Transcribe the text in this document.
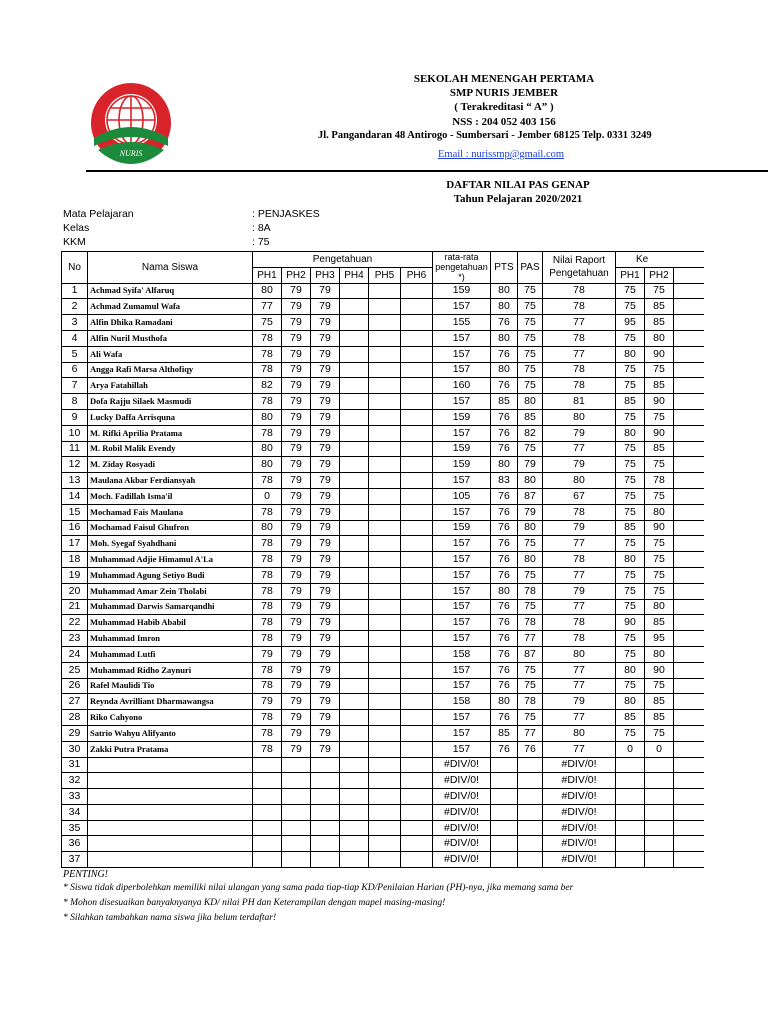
NURIS
SEKOLAH MENENGAH PERTAMA
SMP NURIS JEMBER
( Terakreditasi “ A” )
NSS : 204 052 403 156
Jl. Pangandaran 48 Antirogo - Sumbersari - Jember 68125 Telp. 0331 3249
Email : nurissmp@gmail.com
DAFTAR NILAI PAS GENAP
Tahun Pelajaran 2020/2021
Mata Pelajaran	: PENJASKES
Kelas	: 8A
KKM	: 75
No	Nama Siswa	Pengetahuan						rata-rata pengetahuan *)	PTS	PAS	Nilai Raport Pengetahuan	Ke		
		PH1	PH2	PH3	PH4	PH5	PH6					PH1	PH2	
1	Achmad Syifa' Alfaruq	80	79	79				159	80	75	78	75	75	
2	Achmad Zumamul Wafa	77	79	79				157	80	75	78	75	85	
3	Alfin Dhika Ramadani	75	79	79				155	76	75	77	95	85	
4	Alfin Nuril Musthofa	78	79	79				157	80	75	78	75	80	
5	Ali Wafa	78	79	79				157	76	75	77	80	90	
6	Angga Rafi Marsa Althofiqy	78	79	79				157	80	75	78	75	75	
7	Arya Fatahillah	82	79	79				160	76	75	78	75	85	
8	Dofa Rajju Silaek Masmudi	78	79	79				157	85	80	81	85	90	
9	Lucky Daffa Arrisquna	80	79	79				159	76	85	80	75	75	
10	M. Rifki Aprilia Pratama	78	79	79				157	76	82	79	80	90	
11	M. Robil Malik Evendy	80	79	79				159	76	75	77	75	85	
12	M. Ziday Rosyadi	80	79	79				159	80	79	79	75	75	
13	Maulana Akbar Ferdiansyah	78	79	79				157	83	80	80	75	78	
14	Moch. Fadillah Isma'il	0	79	79				105	76	87	67	75	75	
15	Mochamad Fais Maulana	78	79	79				157	76	79	78	75	80	
16	Mochamad Faisul Ghufron	80	79	79				159	76	80	79	85	90	
17	Moh. Syegaf Syahdhani	78	79	79				157	76	75	77	75	75	
18	Muhammad Adjie Himamul A'La	78	79	79				157	76	80	78	80	75	
19	Muhammad Agung Setiyo Budi	78	79	79				157	76	75	77	75	75	
20	Muhammad Amar Zein Tholabi	78	79	79				157	80	78	79	75	75	
21	Muhammad Darwis Samarqandhi	78	79	79				157	76	75	77	75	80	
22	Muhammad Habib Ababil	78	79	79				157	76	78	78	90	85	
23	Muhammad Imron	78	79	79				157	76	77	78	75	95	
24	Muhammad Lutfi	79	79	79				158	76	87	80	75	80	
25	Muhammad Ridho Zaynuri	78	79	79				157	76	75	77	80	90	
26	Rafel Maulidi Tio	78	79	79				157	76	75	77	75	75	
27	Reynda Avrilliant Dharmawangsa	79	79	79				158	80	78	79	80	85	
28	Riko Cahyono	78	79	79				157	76	75	77	85	85	
29	Satrio Wahyu Alifyanto	78	79	79				157	85	77	80	75	75	
30	Zakki Putra Pratama	78	79	79				157	76	76	77	0	0	
31								#DIV/0!			#DIV/0!			
32								#DIV/0!			#DIV/0!			
33								#DIV/0!			#DIV/0!			
34								#DIV/0!			#DIV/0!			
35								#DIV/0!			#DIV/0!			
36								#DIV/0!			#DIV/0!			
37								#DIV/0!			#DIV/0!			
PENTING!
* Siswa tidak diperbolehkan memiliki nilai ulangan yang sama pada tiap-tiap KD/Penilaian Harian (PH)-nya, jika memang sama ber
* Mohon disesuaikan banyaknyanya KD/ nilai PH dan Keterampilan dengan mapel masing-masing!
* Silahkan tambahkan nama siswa jika belum terdaftar!
